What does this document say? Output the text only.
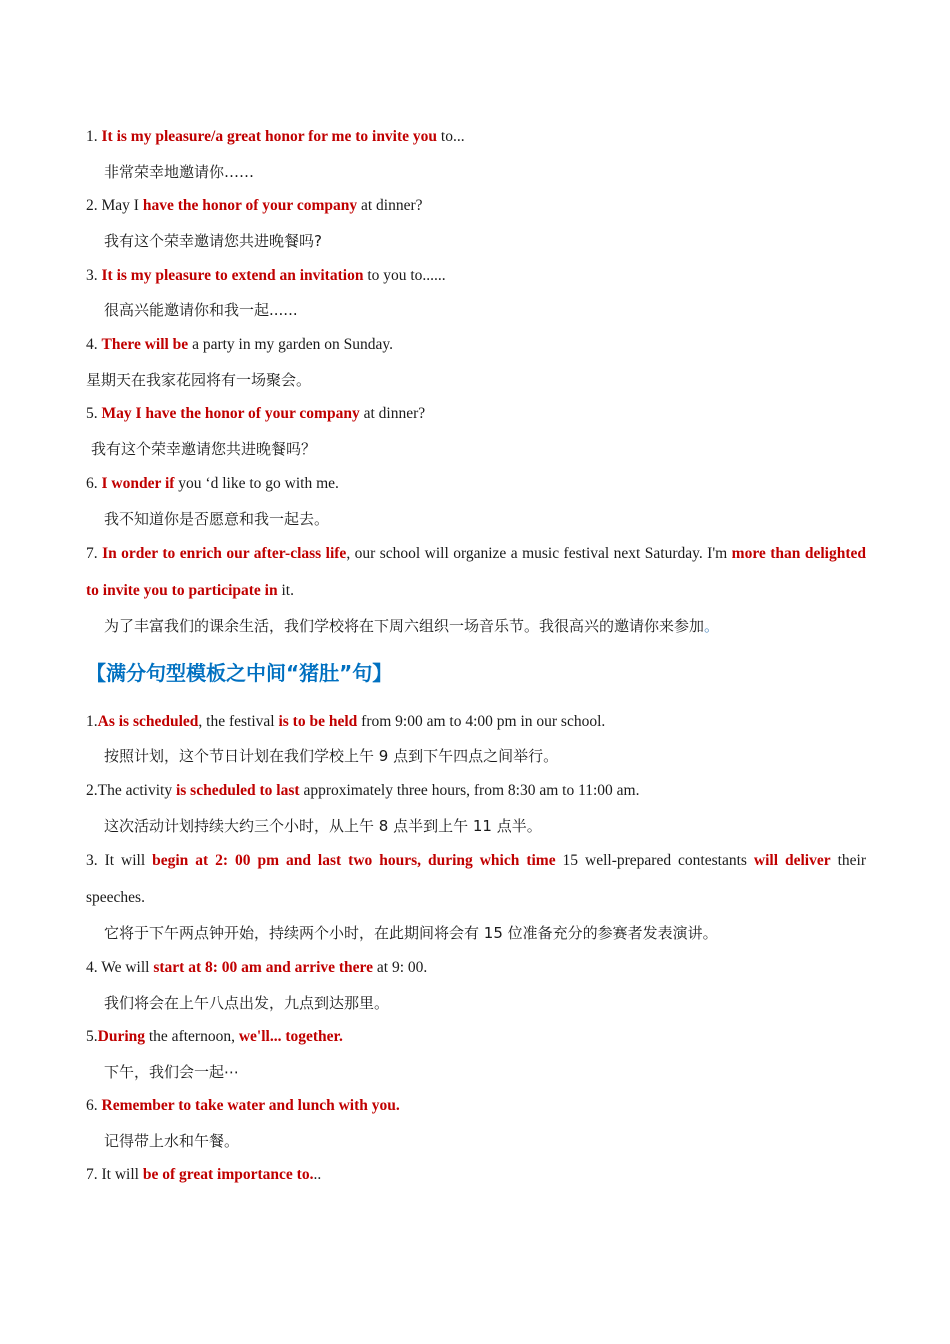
1. It is my pleasure/a great honor for me to invite you to...
非常荣幸地邀请你……
2. May I have the honor of your company at dinner?
我有这个荣幸邀请您共进晚餐吗?
3. It is my pleasure to extend an invitation to you to......
很高兴能邀请你和我一起......
4. There will be a party in my garden on Sunday.
星期天在我家花园将有一场聚会。
5. May I have the honor of your company at dinner?
我有这个荣幸邀请您共进晚餐吗？
6. I wonder if you ‘d like to go with me.
我不知道你是否愿意和我一起去。
7. In order to enrich our after-class life, our school will organize a music festival next Saturday. I'm more than delighted to invite you to participate in it.
为了丰富我们的课余生活，我们学校将在下周六组织一场音乐节。我很高兴的邀请你来参加。
【满分句型模板之中间“猪肚”句】
1.As is scheduled, the festival is to be held from 9:00 am to 4:00 pm in our school.
按照计划，这个节日计划在我们学校上午 9 点到下午四点之间举行。
2.The activity is scheduled to last approximately three hours, from 8:30 am to 11:00 am.
这次活动计划持续大约三个小时，从上午 8 点半到上午 11 点半。
3. It will begin at 2: 00 pm and last two hours, during which time 15 well-prepared contestants will deliver their speeches.
它将于下午两点钟开始，持续两个小时，在此期间将会有 15 位准备充分的参赛者发表演讲。
4. We will start at 8: 00 am and arrive there at 9: 00.
我们将会在上午八点出发，九点到达那里。
5.During the afternoon, we'll... together.
下午，我们会一起⋯
6. Remember to take water and lunch with you.
记得带上水和午餐。
7. It will be of great importance to...
